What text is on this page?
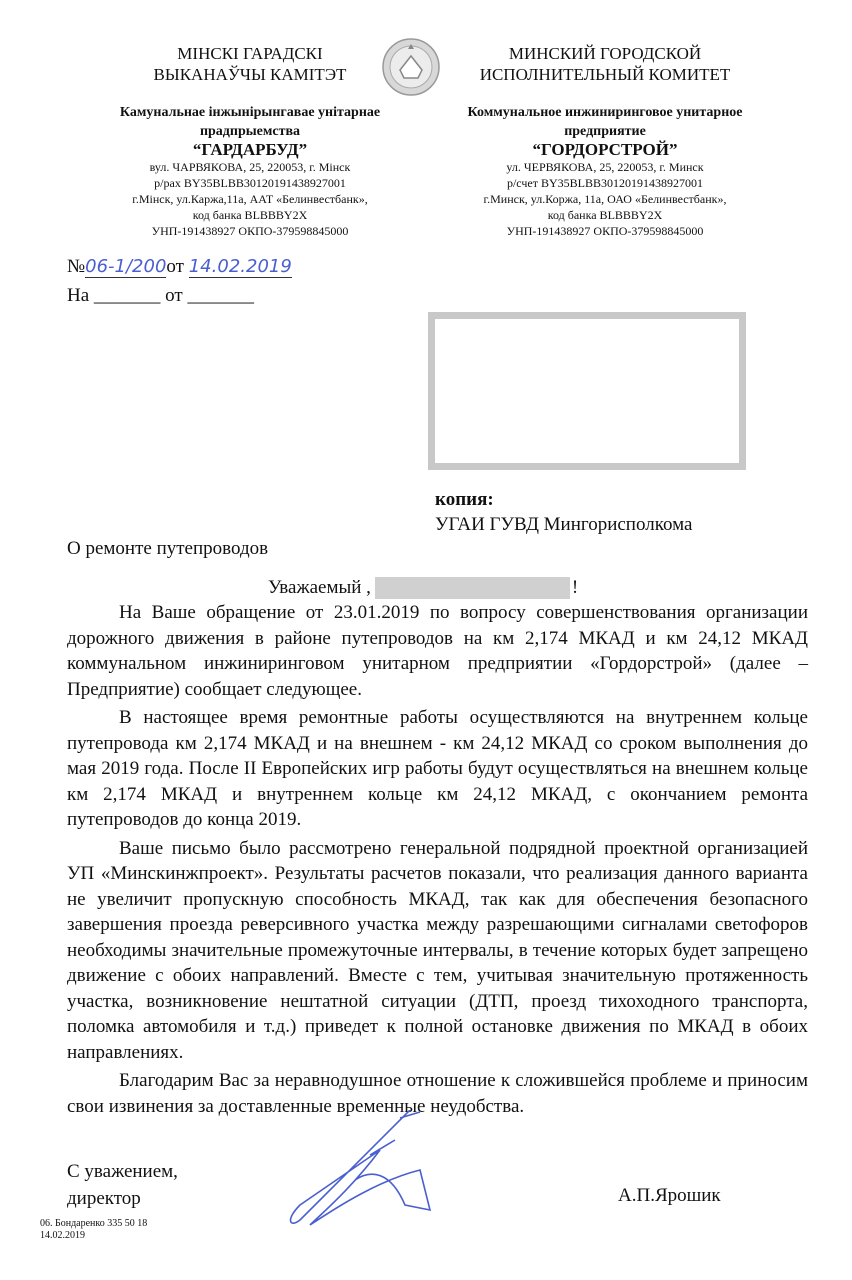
МІНСКІ ГАРАДСКІ
ВЫКАНАЎЧЫ КАМІТЭТ
МИНСКИЙ ГОРОДСКОЙ
ИСПОЛНИТЕЛЬНЫЙ КОМИТЕТ
Камунальнае інжынірынгавае унітарнае
прадпрыемства
“ГАРДАРБУД”
вул. ЧАРВЯКОВА, 25, 220053, г. Мінск
р/рах BY35BLBB30120191438927001
г.Мінск, ул.Каржа,11а, ААТ «Белинвестбанк»,
код банка BLBBBY2X
УНП-191438927 ОКПО-379598845000
Коммунальное инжиниринговое унитарное
предприятие
“ГОРДОРСТРОЙ”
ул. ЧЕРВЯКОВА, 25, 220053, г. Минск
р/счет BY35BLBB30120191438927001
г.Минск, ул.Коржа, 11а, ОАО «Белинвестбанк»,
код банка BLBBBY2X
УНП-191438927 ОКПО-379598845000
№06-1/200от 14.02.2019
На _______ от _______
копия:
УГАИ ГУВД Мингорисполкома
О ремонте путепроводов
Уважаемый ,	!

На Ваше обращение от 23.01.2019 по вопросу совершенствования организации дорожного движения в районе путепроводов на км 2,174 МКАД и км 24,12 МКАД коммунальном инжиниринговом унитарном предприятии «Гордорстрой» (далее – Предприятие) сообщает следующее.

В настоящее время ремонтные работы осуществляются на внутреннем кольце путепровода км 2,174 МКАД и на внешнем - км 24,12 МКАД со сроком выполнения до мая 2019 года. После II Европейских игр работы будут осуществляться на внешнем кольце км 2,174 МКАД и внутреннем кольце км 24,12 МКАД, с окончанием ремонта путепроводов до конца 2019.

Ваше письмо было рассмотрено генеральной подрядной проектной организацией УП «Минскинжпроект». Результаты расчетов показали, что реализация данного варианта не увеличит пропускную способность МКАД, так как для обеспечения безопасного завершения проезда реверсивного участка между разрешающими сигналами светофоров необходимы значительные промежуточные интервалы, в течение которых будет запрещено движение с обоих направлений. Вместе с тем, учитывая значительную протяженность участка, возникновение нештатной ситуации (ДТП, проезд тихоходного транспорта, поломка автомобиля и т.д.) приведет к полной остановке движения по МКАД в обоих направлениях.

Благодарим Вас за неравнодушное отношение к сложившейся проблеме и приносим свои извинения за доставленные временные неудобства.

С уважением,
директор	А.П.Ярошик
06. Бондаренко 335 50 18
14.02.2019
